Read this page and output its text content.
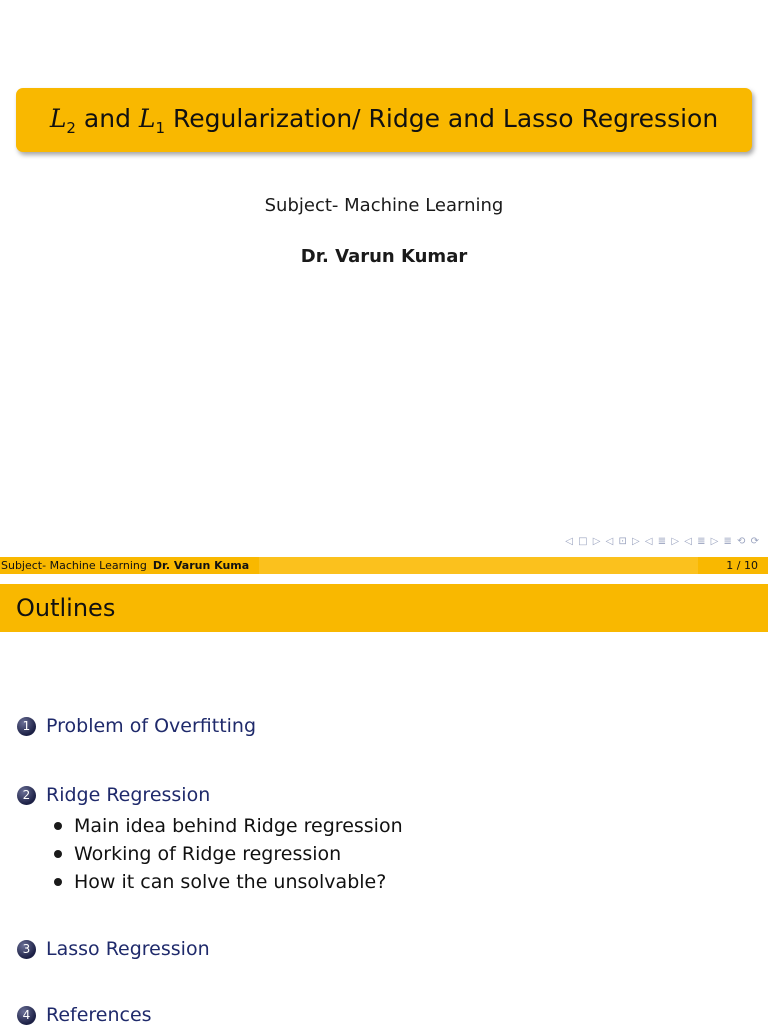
$L_2$ and $L_1$ Regularization/ Ridge and Lasso Regression
Subject- Machine Learning
Dr. Varun Kumar
◁ □ ▷ ◁ ⊡ ▷ ◁ ≣ ▷ ◁ ≣ ▷ ≣ ⟲ ⟳
Subject- Machine Learning Dr. Varun Kuma	1 / 10
Outlines
1 Problem of Overfitting
2 Ridge Regression
Main idea behind Ridge regression
Working of Ridge regression
How it can solve the unsolvable?
3 Lasso Regression
4 References
